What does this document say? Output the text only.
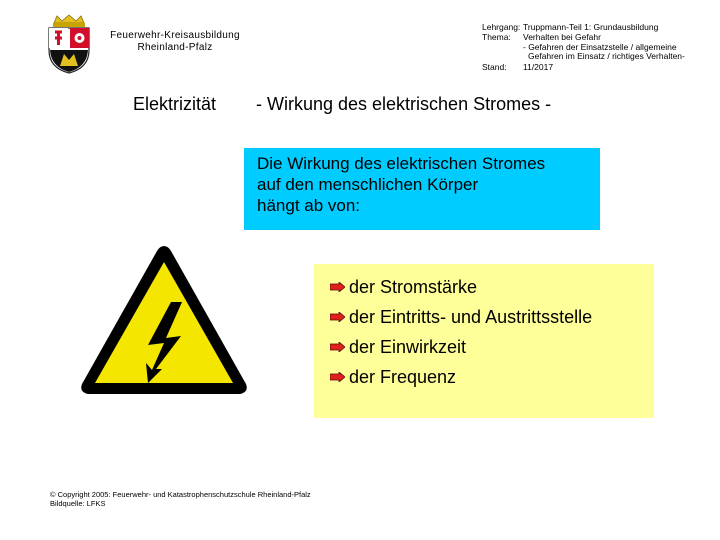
Feuerwehr-Kreisausbildung
Rheinland-Pfalz
Lehrgang: Truppmann-Teil 1: Grundausbildung
Thema: Verhalten bei Gefahr
- Gefahren der Einsatzstelle / allgemeine
Gefahren im Einsatz / richtiges Verhalten-
Stand: 11/2017
Elektrizität - Wirkung des elektrischen Stromes -
Die Wirkung des elektrischen Stromes
auf den menschlichen Körper
hängt ab von:
der Stromstärke
der Eintritts- und Austrittsstelle
der Einwirkzeit
der Frequenz
© Copyright 2005: Feuerwehr- und Katastrophenschutzschule Rheinland-Pfalz
Bildquelle: LFKS
